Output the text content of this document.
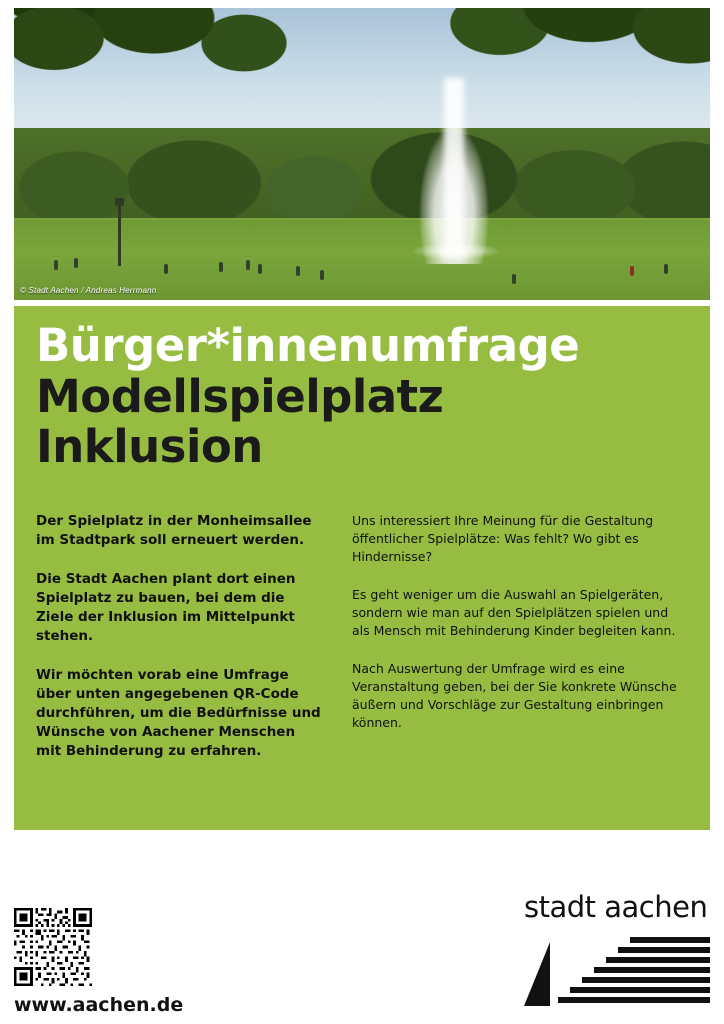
© Stadt Aachen / Andreas Herrmann
Bürger*innenumfrage
Modellspielplatz
Inklusion

Der Spielplatz in der Monheimsallee im Stadtpark soll erneuert werden.

Die Stadt Aachen plant dort einen Spielplatz zu bauen, bei dem die Ziele der Inklusion im Mittelpunkt stehen.

Wir möchten vorab eine Umfrage über unten angegebenen QR-Code durchführen, um die Bedürfnisse und Wünsche von Aachener Menschen mit Behinderung zu erfahren.

Uns interessiert Ihre Meinung für die Gestaltung öffentlicher Spielplätze: Was fehlt? Wo gibt es Hindernisse?

Es geht weniger um die Auswahl an Spielgeräten, sondern wie man auf den Spielplätzen spielen und als Mensch mit Behinderung Kinder begleiten kann.

Nach Auswertung der Umfrage wird es eine Veranstaltung geben, bei der Sie konkrete Wünsche äußern und Vorschläge zur Gestaltung einbringen können.

www.aachen.de
stadt aachen
